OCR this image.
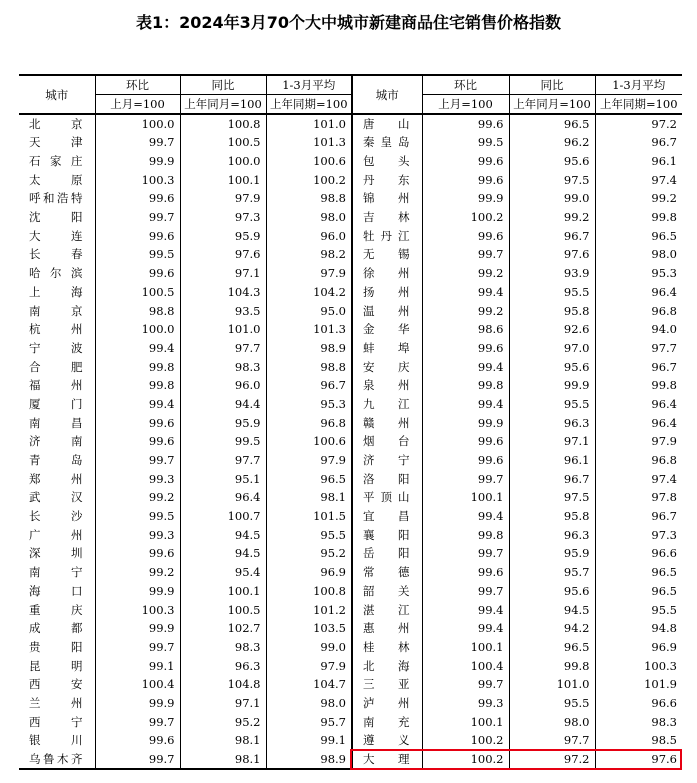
表1：2024年3月70个大中城市新建商品住宅销售价格指数
城市	环比	同比	1-3月平均	城市	环比	同比	1-3月平均
	上月=100	上年同月=100	上年同期=100		上月=100	上年同月=100	上年同期=100
北京	100.0	100.8	101.0	唐山	99.6	96.5	97.2
天津	99.7	100.5	101.3	秦皇岛	99.5	96.2	96.7
石家庄	99.9	100.0	100.6	包头	99.6	95.6	96.1
太原	100.3	100.1	100.2	丹东	99.6	97.5	97.4
呼和浩特	99.6	97.9	98.8	锦州	99.9	99.0	99.2
沈阳	99.7	97.3	98.0	吉林	100.2	99.2	99.8
大连	99.6	95.9	96.0	牡丹江	99.6	96.7	96.5
长春	99.5	97.6	98.2	无锡	99.7	97.6	98.0
哈尔滨	99.6	97.1	97.9	徐州	99.2	93.9	95.3
上海	100.5	104.3	104.2	扬州	99.4	95.5	96.4
南京	98.8	93.5	95.0	温州	99.2	95.8	96.8
杭州	100.0	101.0	101.3	金华	98.6	92.6	94.0
宁波	99.4	97.7	98.9	蚌埠	99.6	97.0	97.7
合肥	99.8	98.3	98.8	安庆	99.4	95.6	96.7
福州	99.8	96.0	96.7	泉州	99.8	99.9	99.8
厦门	99.4	94.4	95.3	九江	99.4	95.5	96.4
南昌	99.6	95.9	96.8	赣州	99.9	96.3	96.4
济南	99.6	99.5	100.6	烟台	99.6	97.1	97.9
青岛	99.7	97.7	97.9	济宁	99.6	96.1	96.8
郑州	99.3	95.1	96.5	洛阳	99.7	96.7	97.4
武汉	99.2	96.4	98.1	平顶山	100.1	97.5	97.8
长沙	99.5	100.7	101.5	宜昌	99.4	95.8	96.7
广州	99.3	94.5	95.5	襄阳	99.8	96.3	97.3
深圳	99.6	94.5	95.2	岳阳	99.7	95.9	96.6
南宁	99.2	95.4	96.9	常德	99.6	95.7	96.5
海口	99.9	100.1	100.8	韶关	99.7	95.6	96.5
重庆	100.3	100.5	101.2	湛江	99.4	94.5	95.5
成都	99.9	102.7	103.5	惠州	99.4	94.2	94.8
贵阳	99.7	98.3	99.0	桂林	100.1	96.5	96.9
昆明	99.1	96.3	97.9	北海	100.4	99.8	100.3
西安	100.4	104.8	104.7	三亚	99.7	101.0	101.9
兰州	99.9	97.1	98.0	泸州	99.3	95.5	96.6
西宁	99.7	95.2	95.7	南充	100.1	98.0	98.3
银川	99.6	98.1	99.1	遵义	100.2	97.7	98.5
乌鲁木齐	99.7	98.1	98.9	大理	100.2	97.2	97.6
